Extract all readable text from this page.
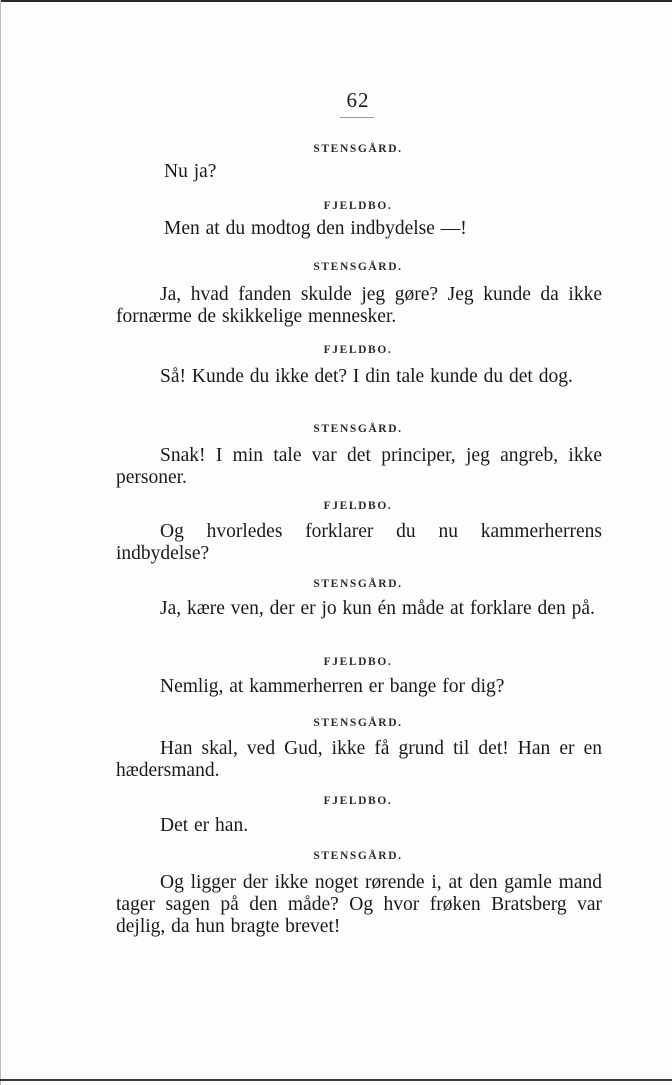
62
STENSGÅRD.

Nu ja?

FJELDBO.

Men at du modtog den indbydelse —!

STENSGÅRD.

Ja, hvad fanden skulde jeg gøre? Jeg kunde da ikke fornærme de skikkelige mennesker.

FJELDBO.

Så! Kunde du ikke det? I din tale kunde du det dog.

STENSGÅRD.

Snak! I min tale var det principer, jeg angreb, ikke personer.

FJELDBO.

Og hvorledes forklarer du nu kammerherrens indbydelse?

STENSGÅRD.

Ja, kære ven, der er jo kun én måde at forklare den på.

FJELDBO.

Nemlig, at kammerherren er bange for dig?

STENSGÅRD.

Han skal, ved Gud, ikke få grund til det! Han er en hædersmand.

FJELDBO.

Det er han.

STENSGÅRD.

Og ligger der ikke noget rørende i, at den gamle mand tager sagen på den måde? Og hvor frøken Bratsberg var dejlig, da hun bragte brevet!
